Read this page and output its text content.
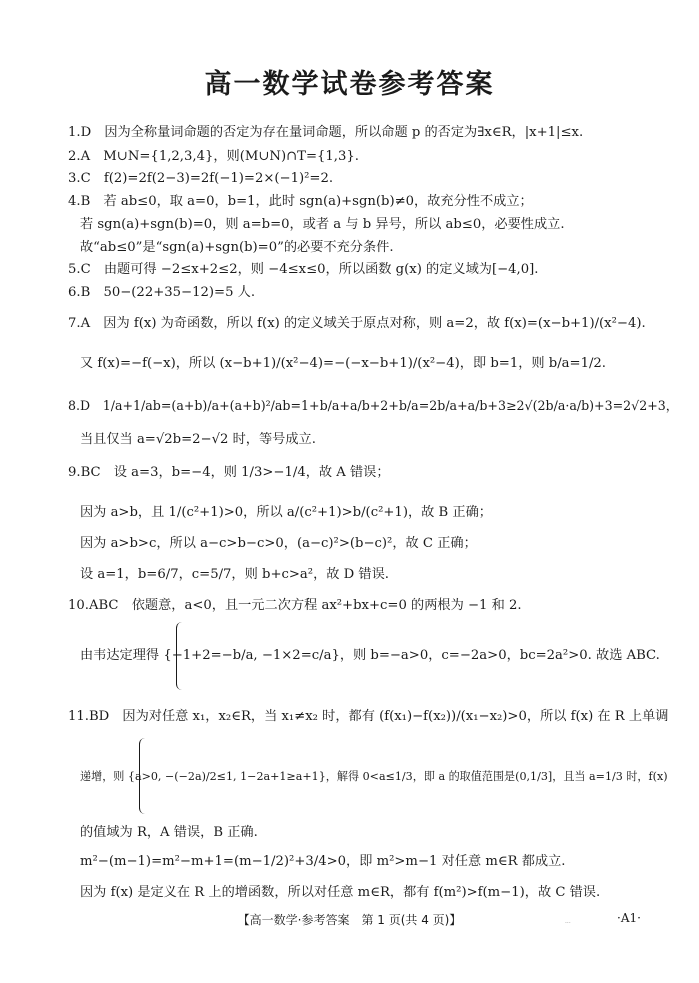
高一数学试卷参考答案
1.D　因为全称量词命题的否定为存在量词命题，所以命题 p 的否定为∃x∈R，|x+1|≤x.
2.A　M∪N={1,2,3,4}，则(M∪N)∩T={1,3}.
3.C　f(2)=2f(2−3)=2f(−1)=2×(−1)²=2.
4.B　若 ab≤0，取 a=0，b=1，此时 sgn(a)+sgn(b)≠0，故充分性不成立；
若 sgn(a)+sgn(b)=0，则 a=b=0，或者 a 与 b 异号，所以 ab≤0，必要性成立.
故“ab≤0”是“sgn(a)+sgn(b)=0”的必要不充分条件.
5.C　由题可得 −2≤x+2≤2，则 −4≤x≤0，所以函数 g(x) 的定义域为[−4,0].
6.B　50−(22+35−12)=5 人.
7.A　因为 f(x) 为奇函数，所以 f(x) 的定义域关于原点对称，则 a=2，故 f(x)=(x−b+1)/(x²−4).
又 f(x)=−f(−x)，所以 (x−b+1)/(x²−4)=−(−x−b+1)/(x²−4)，即 b=1，则 b/a=1/2.
8.D　1/a+1/ab=(a+b)/a+(a+b)²/ab=1+b/a+a/b+2+b/a=2b/a+a/b+3≥2√(2b/a·a/b)+3=2√2+3，
当且仅当 a=√2b=2−√2 时，等号成立.
9.BC　设 a=3，b=−4，则 1/3>−1/4，故 A 错误；
因为 a>b，且 1/(c²+1)>0，所以 a/(c²+1)>b/(c²+1)，故 B 正确；
因为 a>b>c，所以 a−c>b−c>0，(a−c)²>(b−c)²，故 C 正确；
设 a=1，b=6/7，c=5/7，则 b+c>a²，故 D 错误.
10.ABC　依题意，a<0，且一元二次方程 ax²+bx+c=0 的两根为 −1 和 2.
由韦达定理得 {−1+2=−b/a, −1×2=c/a}，则 b=−a>0，c=−2a>0，bc=2a²>0. 故选 ABC.
11.BD　因为对任意 x₁，x₂∈R，当 x₁≠x₂ 时，都有 (f(x₁)−f(x₂))/(x₁−x₂)>0，所以 f(x) 在 R 上单调
递增，则 {a>0, −(−2a)/2≤1, 1−2a+1≥a+1}，解得 0<a≤1/3，即 a 的取值范围是(0,1/3]，且当 a=1/3 时，f(x)
的值域为 R，A 错误，B 正确.
m²−(m−1)=m²−m+1=(m−1/2)²+3/4>0，即 m²>m−1 对任意 m∈R 都成立.
因为 f(x) 是定义在 R 上的增函数，所以对任意 m∈R，都有 f(m²)>f(m−1)，故 C 错误.
【高一数学·参考答案　第 1 页(共 4 页)】	...	·A1·
